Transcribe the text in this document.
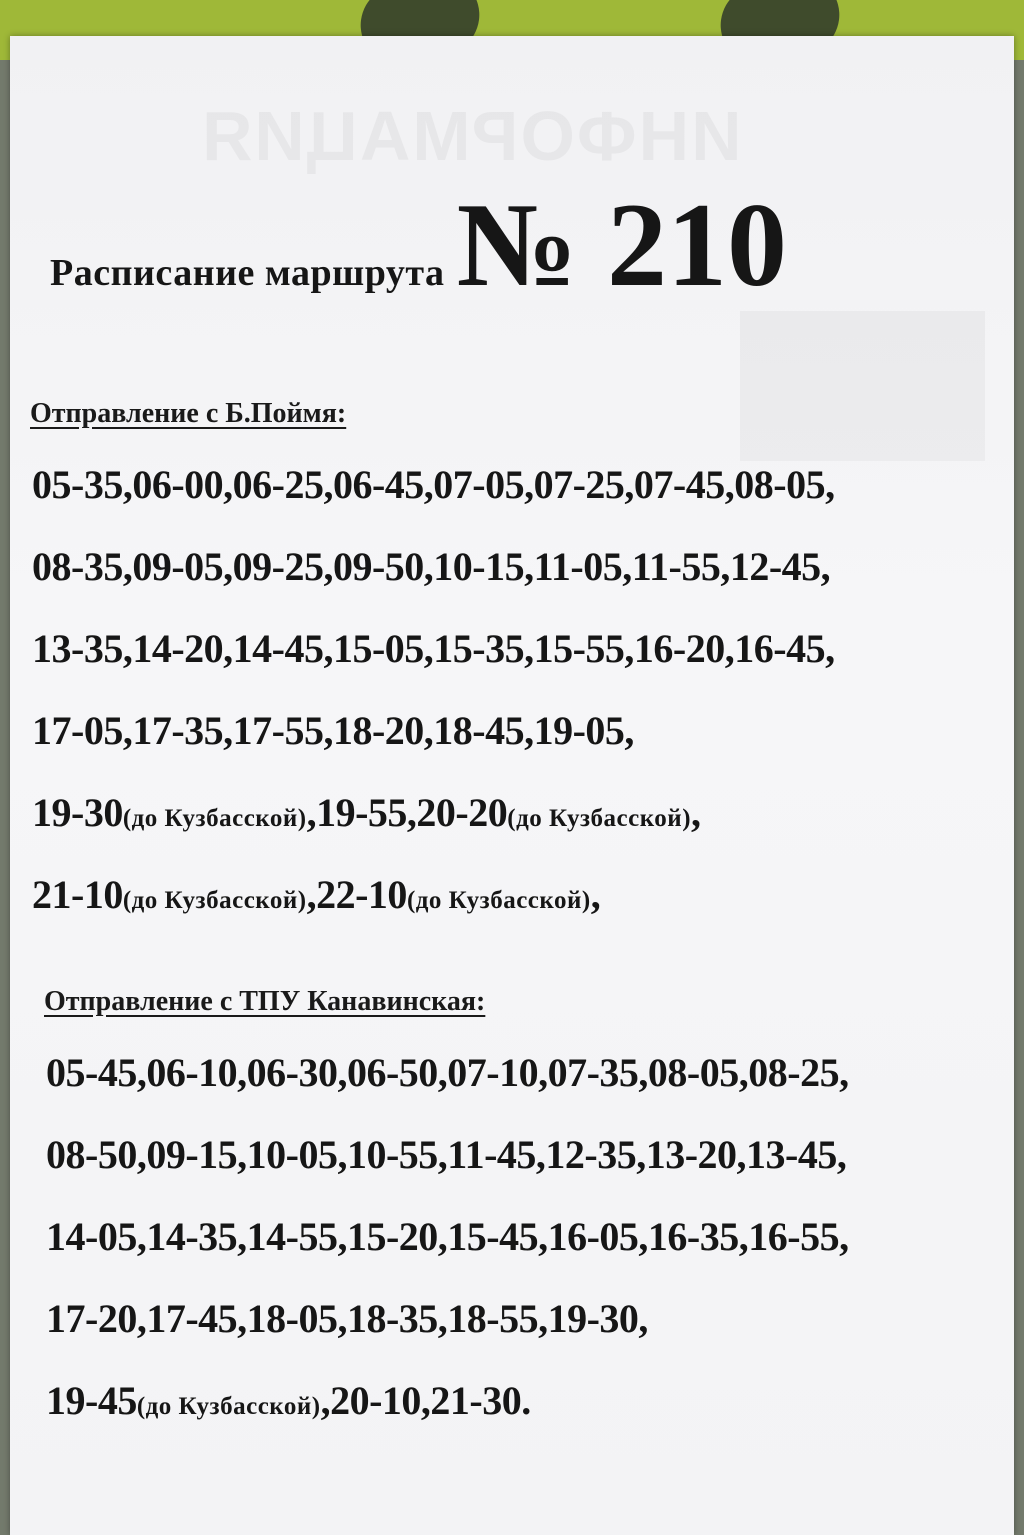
Расписание маршрута № 210
Отправление с Б.Поймя:
05-35,06-00,06-25,06-45,07-05,07-25,07-45,08-05,
08-35,09-05,09-25,09-50,10-15,11-05,11-55,12-45,
13-35,14-20,14-45,15-05,15-35,15-55,16-20,16-45,
17-05,17-35,17-55,18-20,18-45,19-05,
19-30(до Кузбасской),19-55,20-20(до Кузбасской),
21-10(до Кузбасской),22-10(до Кузбасской),
Отправление с ТПУ Канавинская:
05-45,06-10,06-30,06-50,07-10,07-35,08-05,08-25,
08-50,09-15,10-05,10-55,11-45,12-35,13-20,13-45,
14-05,14-35,14-55,15-20,15-45,16-05,16-35,16-55,
17-20,17-45,18-05,18-35,18-55,19-30,
19-45(до Кузбасской),20-10,21-30.
